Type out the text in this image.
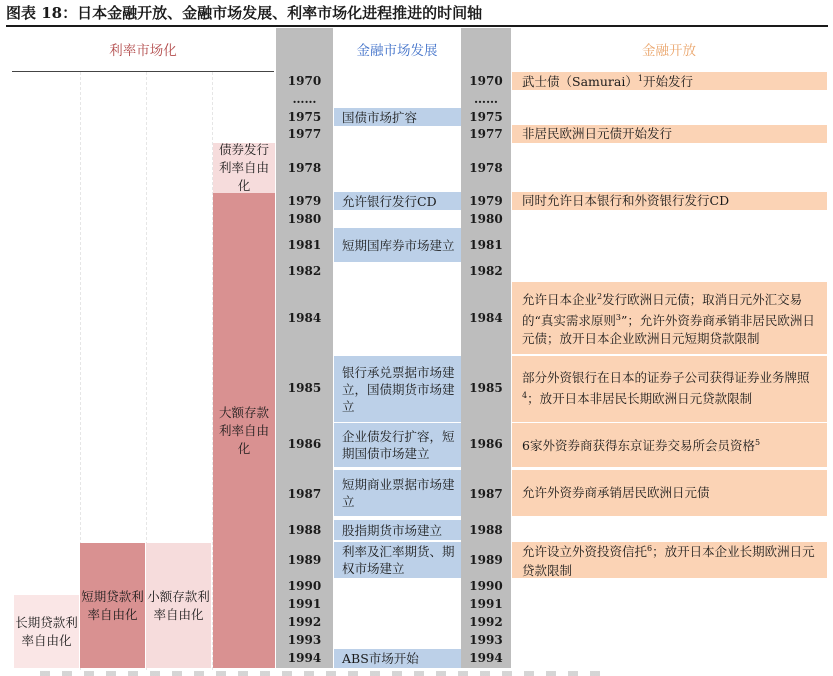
图表 18：日本金融开放、金融市场发展、利率市场化进程推进的时间轴
利率市场化	金融市场发展	金融开放
债券发行利率自由化
大额存款利率自由化
短期贷款利率自由化
小额存款利率自由化
长期贷款利率自由化
1970
……
1975
1977
1978
1979
1980
1981
1982
1984
1985
1986
1987
1988
1989
1990
1991
1992
1993
1994
1970
……
1975
1977
1978
1979
1980
1981
1982
1984
1985
1986
1987
1988
1989
1990
1991
1992
1993
1994
国债市场扩容
允许银行发行CD
短期国库券市场建立
银行承兑票据市场建立，国债期货市场建立
企业债发行扩容，短期国债市场建立
短期商业票据市场建立
股指期货市场建立
利率及汇率期货、期权市场建立
ABS市场开始
武士债（Samurai）$^1$开始发行
非居民欧洲日元债开始发行
同时允许日本银行和外资银行发行CD
允许日本企业$^2$发行欧洲日元债；取消日元外汇交易的“真实需求原则$^3$”；允许外资券商承销非居民欧洲日元债；放开日本企业欧洲日元短期贷款限制
部分外资银行在日本的证券子公司获得证券业务牌照$^4$；放开日本非居民长期欧洲日元贷款限制
6家外资券商获得东京证券交易所会员资格$^5$
允许外资券商承销居民欧洲日元债
允许设立外资投资信托$^6$；放开日本企业长期欧洲日元贷款限制
